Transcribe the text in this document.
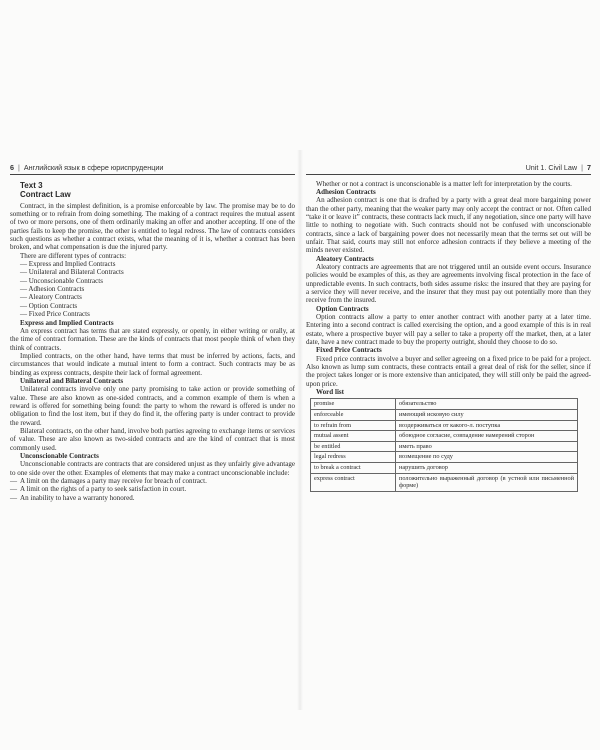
6 | Английский язык в сфере юриспруденции
Text 3
Contract Law

Contract, in the simplest definition, is a promise enforceable by law. The promise may be to do something or to refrain from doing something. The making of a contract requires the mutual assent of two or more persons, one of them ordinarily making an offer and another accepting. If one of the parties fails to keep the promise, the other is entitled to legal redress. The law of contracts considers such questions as whether a contract exists, what the meaning of it is, whether a contract has been broken, and what compensation is due the injured party.

There are different types of contracts:

— Express and Implied Contracts
— Unilateral and Bilateral Contracts
— Unconscionable Contracts
— Adhesion Contracts
— Aleatory Contracts
— Option Contracts
— Fixed Price Contracts

Express and Implied Contracts

An express contract has terms that are stated expressly, or openly, in either writing or orally, at the time of contract formation. These are the kinds of contracts that most people think of when they think of contracts.

Implied contracts, on the other hand, have terms that must be inferred by actions, facts, and circumstances that would indicate a mutual intent to form a contract. Such contracts may be as binding as express contracts, despite their lack of formal agreement.

Unilateral and Bilateral Contracts

Unilateral contracts involve only one party promising to take action or provide something of value. These are also known as one-sided contracts, and a common example of them is when a reward is offered for something being found: the party to whom the reward is offered is under no obligation to find the lost item, but if they do find it, the offering party is under contract to provide the reward.

Bilateral contracts, on the other hand, involve both parties agreeing to exchange items or services of value. These are also known as two-sided contracts and are the kind of contract that is most commonly used.

Unconscionable Contracts

Unconscionable contracts are contracts that are considered unjust as they unfairly give advantage to one side over the other. Examples of elements that may make a contract unconscionable include:

— A limit on the damages a party may receive for breach of contract.
— A limit on the rights of a party to seek satisfaction in court.
— An inability to have a warranty honored.
Unit 1. Civil Law | 7

Whether or not a contract is unconscionable is a matter left for interpretation by the courts.

Adhesion Contracts

An adhesion contract is one that is drafted by a party with a great deal more bargaining power than the other party, meaning that the weaker party may only accept the contract or not. Often called “take it or leave it” contracts, these contracts lack much, if any negotiation, since one party will have little to nothing to negotiate with. Such contracts should not be confused with unconscionable contracts, since a lack of bargaining power does not necessarily mean that the terms set out will be unfair. That said, courts may still not enforce adhesion contracts if they believe a meeting of the minds never existed.

Aleatory Contracts

Aleatory contracts are agreements that are not triggered until an outside event occurs. Insurance policies would be examples of this, as they are agreements involving fiscal protection in the face of unpredictable events. In such contracts, both sides assume risks: the insured that they are paying for a service they will never receive, and the insurer that they must pay out potentially more than they receive from the insured.

Option Contracts

Option contracts allow a party to enter another contract with another party at a later time. Entering into a second contract is called exercising the option, and a good example of this is in real estate, where a prospective buyer will pay a seller to take a property off the market, then, at a later date, have a new contract made to buy the property outright, should they choose to do so.

Fixed Price Contracts

Fixed price contracts involve a buyer and seller agreeing on a fixed price to be paid for a project. Also known as lump sum contracts, these contracts entail a great deal of risk for the seller, since if the project takes longer or is more extensive than anticipated, they will still only be paid the agreed-upon price.

Word list

promise	обязательство
enforceable	имеющий исковую силу
to refrain from	воздерживаться от какого-л. поступка
mutual assent	обоюдное согласие, совпадение намерений сторон
be entitled	иметь право
legal redress	возмещение по суду
to break a contract	нарушить договор
express contract	положительно выраженный договор (в устной или письменной форме)
